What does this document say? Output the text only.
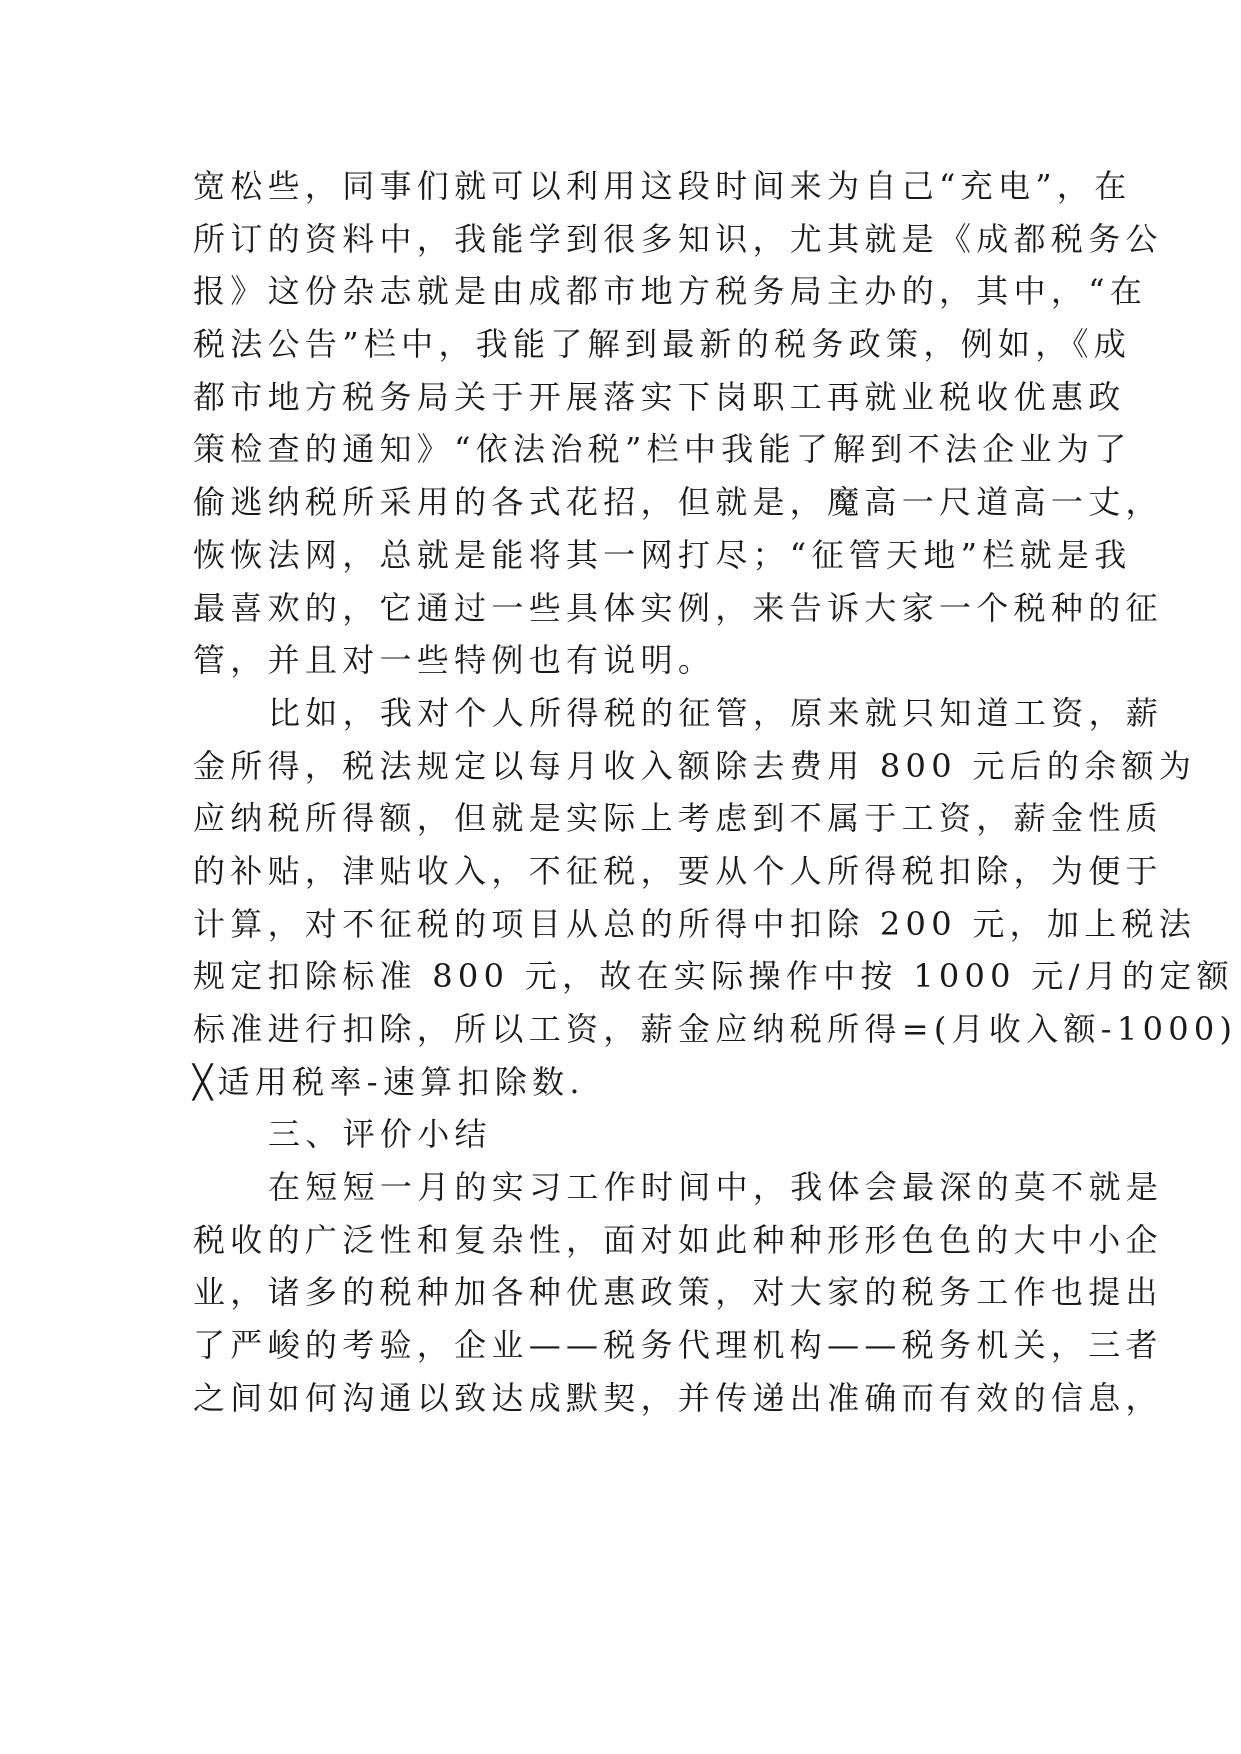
宽松些，同事们就可以利用这段时间来为自己“充电”，在
所订的资料中，我能学到很多知识，尤其就是《成都税务公
报》这份杂志就是由成都市地方税务局主办的，其中，“在
税法公告”栏中，我能了解到最新的税务政策，例如，《成
都市地方税务局关于开展落实下岗职工再就业税收优惠政
策检查的通知》“依法治税”栏中我能了解到不法企业为了
偷逃纳税所采用的各式花招，但就是，魔高一尺道高一丈，
恢恢法网，总就是能将其一网打尽；“征管天地”栏就是我
最喜欢的，它通过一些具体实例，来告诉大家一个税种的征
管，并且对一些特例也有说明。
比如，我对个人所得税的征管，原来就只知道工资，薪
金所得，税法规定以每月收入额除去费用 800 元后的余额为
应纳税所得额，但就是实际上考虑到不属于工资，薪金性质
的补贴，津贴收入，不征税，要从个人所得税扣除，为便于
计算，对不征税的项目从总的所得中扣除 200 元，加上税法
规定扣除标准 800 元，故在实际操作中按 1000 元/月的定额
标准进行扣除，所以工资，薪金应纳税所得=(月收入额-1000)
╳适用税率-速算扣除数.
三、评价小结
在短短一月的实习工作时间中，我体会最深的莫不就是
税收的广泛性和复杂性，面对如此种种形形色色的大中小企
业，诸多的税种加各种优惠政策，对大家的税务工作也提出
了严峻的考验，企业——税务代理机构——税务机关，三者
之间如何沟通以致达成默契，并传递出准确而有效的信息，
